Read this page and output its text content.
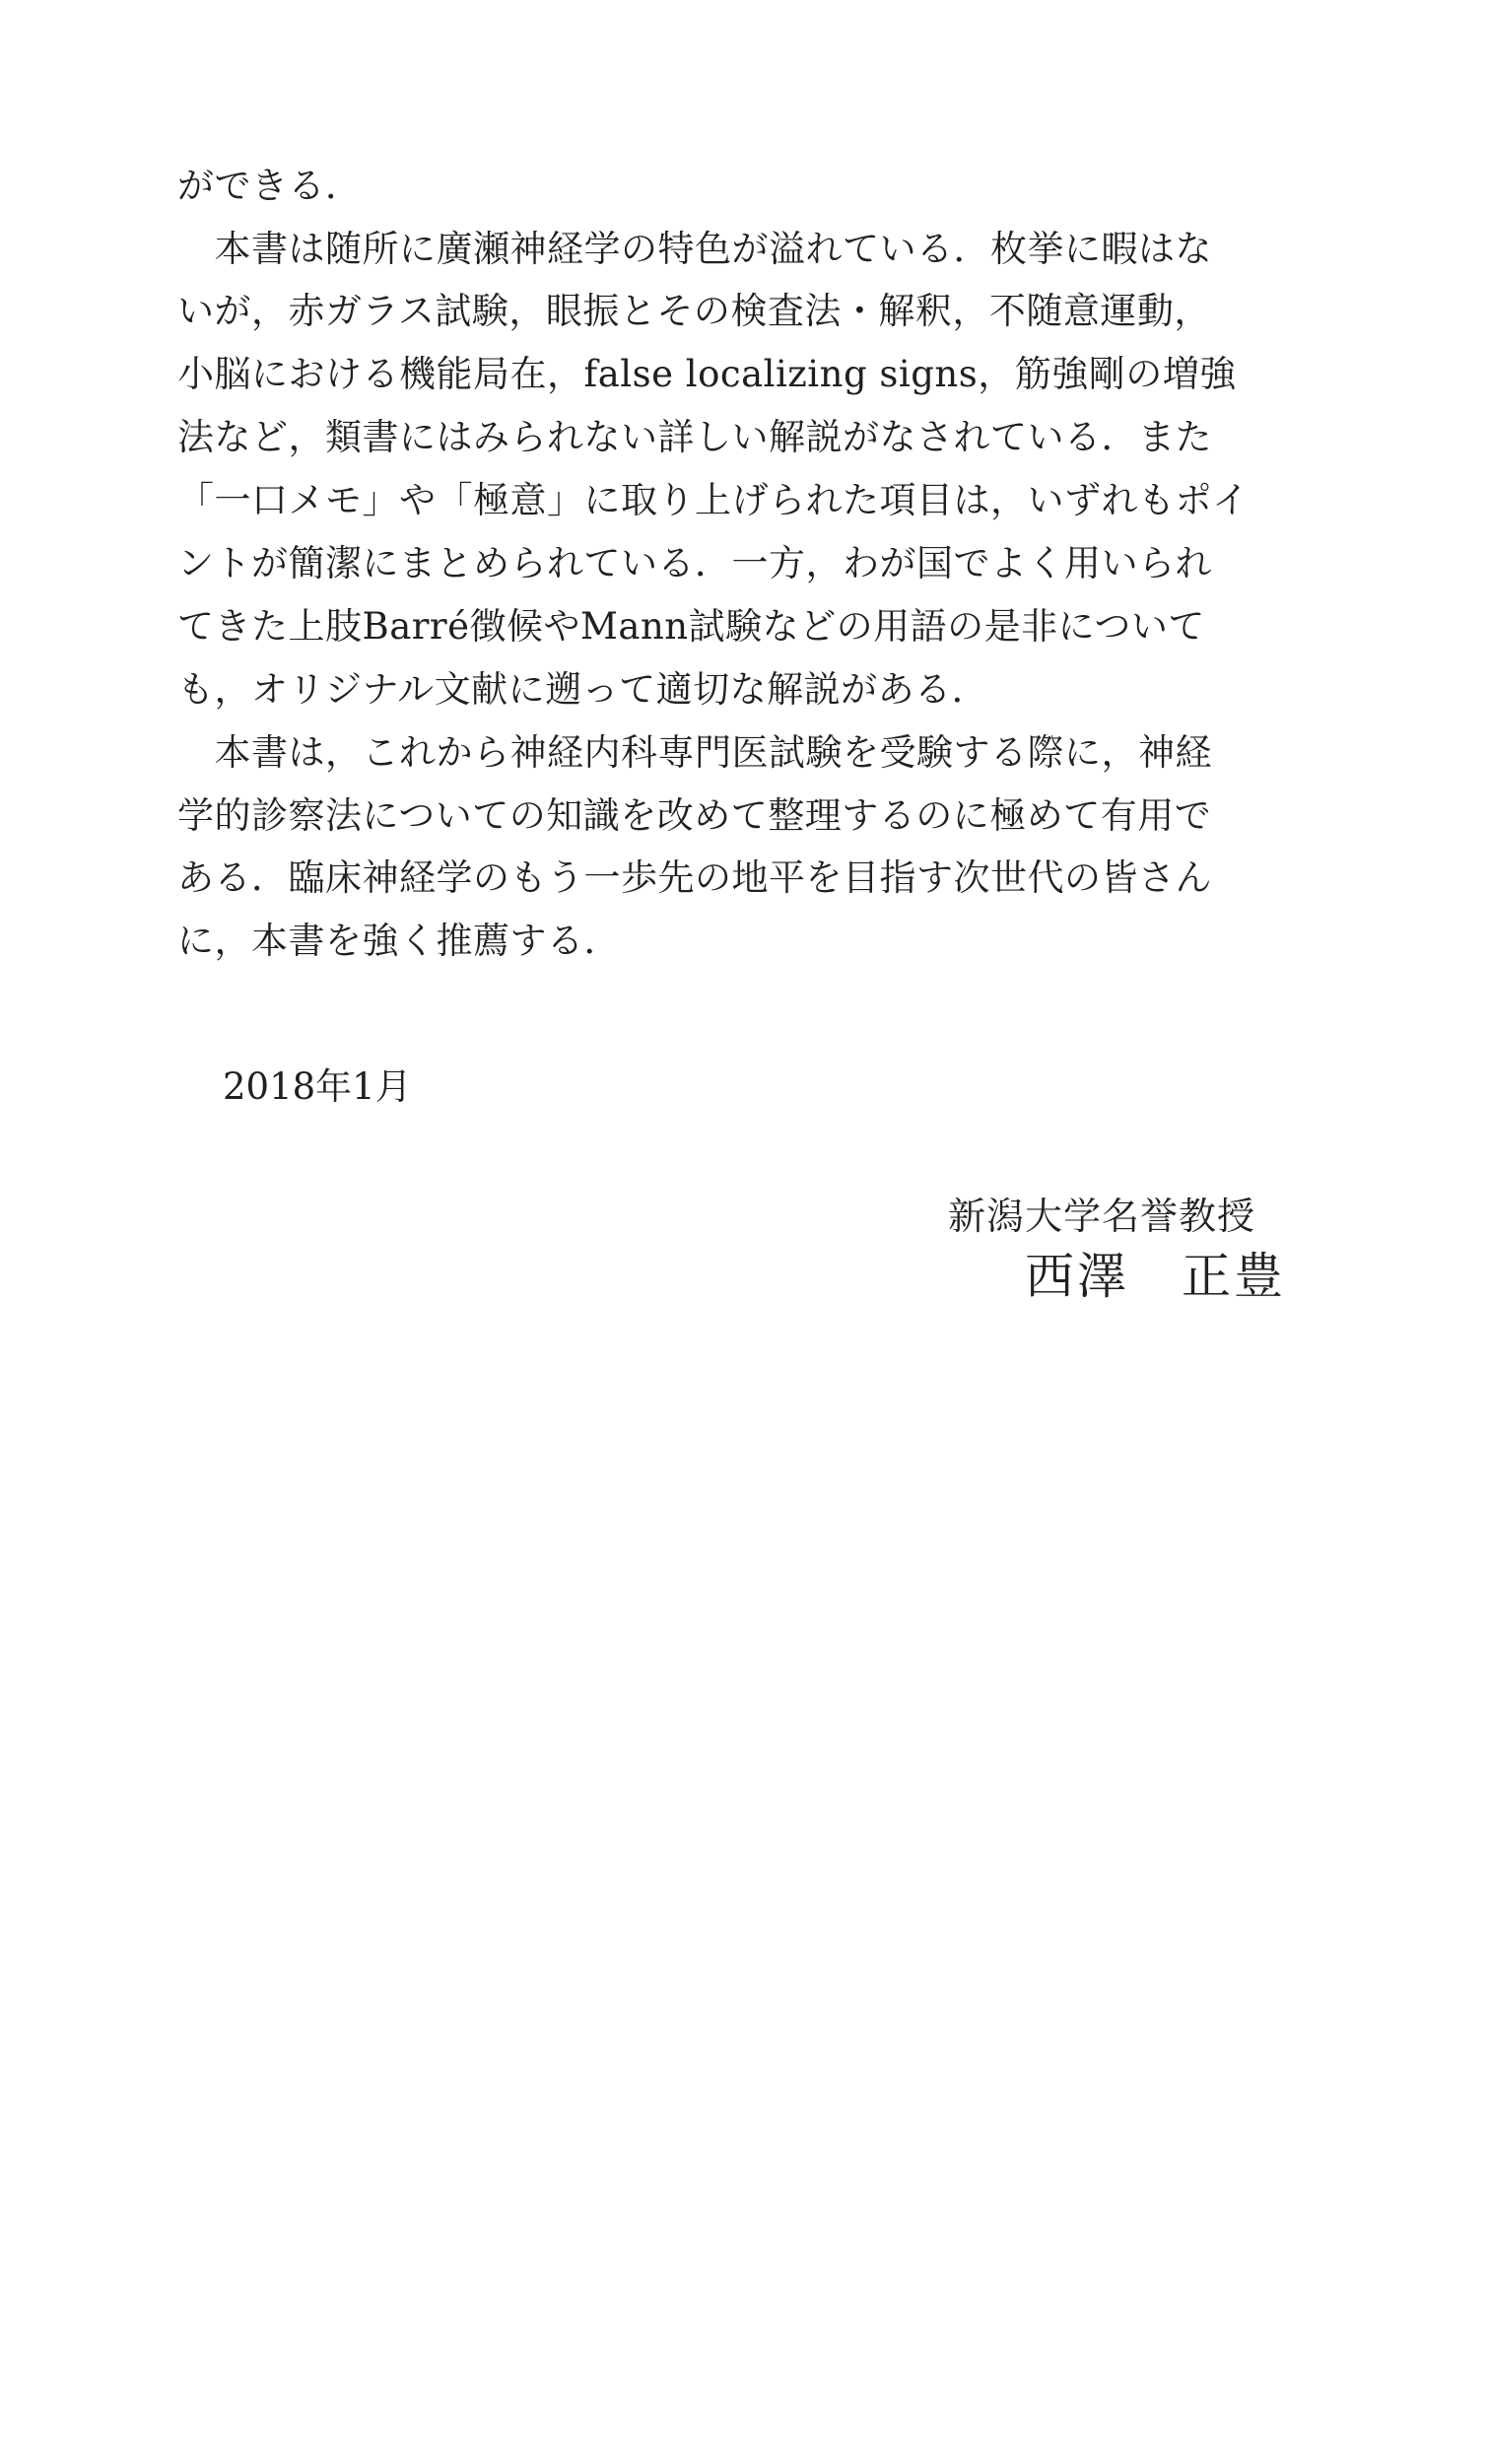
ができる．
　本書は随所に廣瀬神経学の特色が溢れている．枚挙に暇はな
いが，赤ガラス試験，眼振とその検査法・解釈，不随意運動，
小脳における機能局在，false localizing signs，筋強剛の増強
法など，類書にはみられない詳しい解説がなされている．また
「一口メモ」や「極意」に取り上げられた項目は，いずれもポイ
ントが簡潔にまとめられている．一方，わが国でよく用いられ
てきた上肢Barré徴候やMann試験などの用語の是非について
も，オリジナル文献に遡って適切な解説がある．
　本書は，これから神経内科専門医試験を受験する際に，神経
学的診察法についての知識を改めて整理するのに極めて有用で
ある．臨床神経学のもう一歩先の地平を目指す次世代の皆さん
に，本書を強く推薦する．
2018年1月
新潟大学名誉教授
西澤　正豊
